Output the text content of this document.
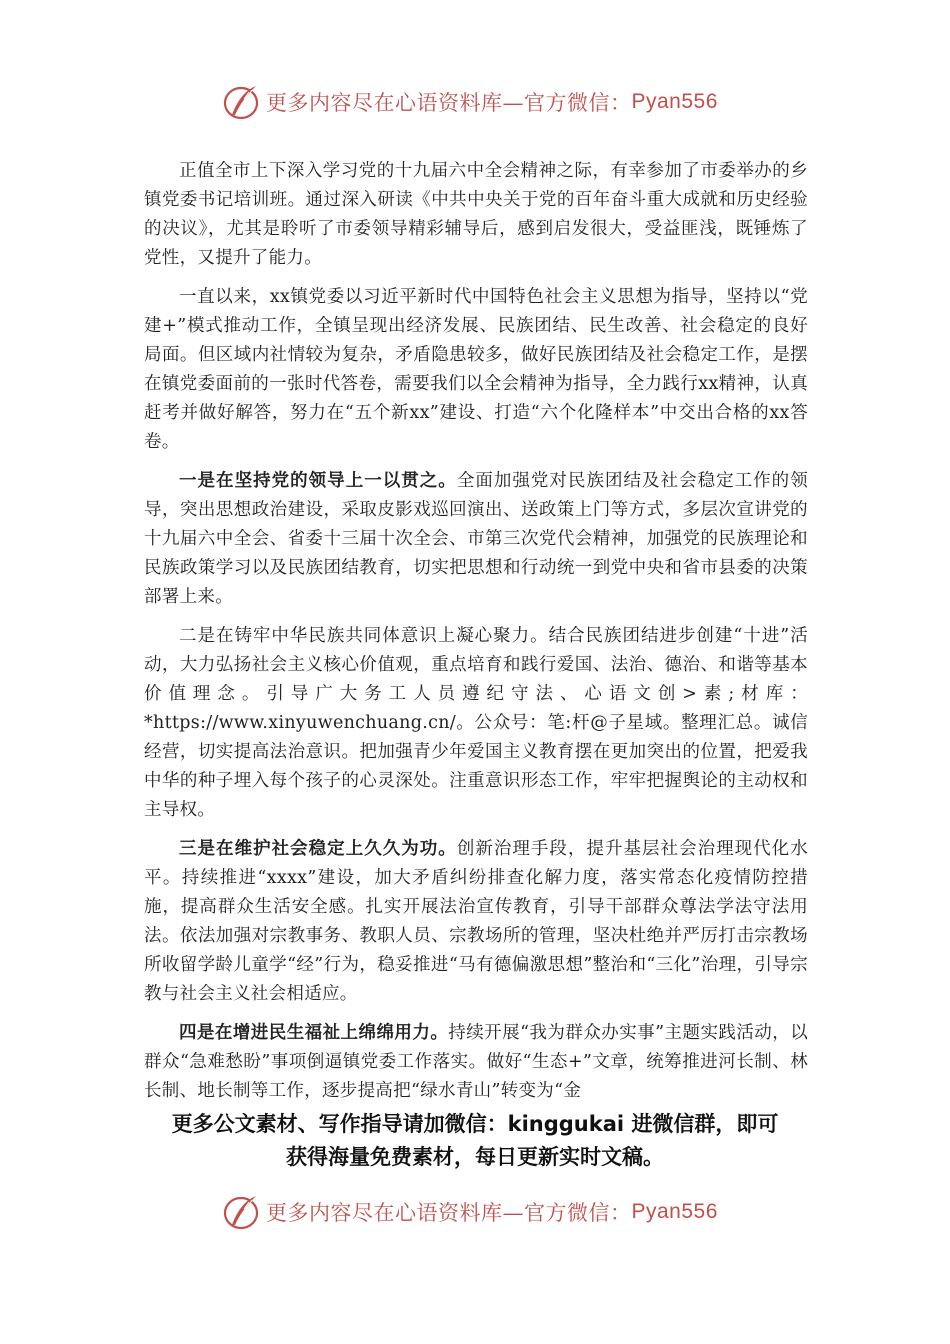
更多内容尽在心语资料库—官方微信： Pyan556

正值全市上下深入学习党的十九届六中全会精神之际，有幸参加了市委举办的乡镇党委书记培训班。通过深入研读《中共中央关于党的百年奋斗重大成就和历史经验的决议》，尤其是聆听了市委领导精彩辅导后，感到启发很大，受益匪浅，既锤炼了党性，又提升了能力。

一直以来，xx镇党委以习近平新时代中国特色社会主义思想为指导，坚持以“党建+”模式推动工作，全镇呈现出经济发展、民族团结、民生改善、社会稳定的良好局面。但区域内社情较为复杂，矛盾隐患较多，做好民族团结及社会稳定工作，是摆在镇党委面前的一张时代答卷，需要我们以全会精神为指导，全力践行xx精神，认真赶考并做好解答，努力在“五个新xx”建设、打造“六个化隆样本”中交出合格的xx答卷。

一是在坚持党的领导上一以贯之。全面加强党对民族团结及社会稳定工作的领导，突出思想政治建设，采取皮影戏巡回演出、送政策上门等方式，多层次宣讲党的十九届六中全会、省委十三届十次全会、市第三次党代会精神，加强党的民族理论和民族政策学习以及民族团结教育，切实把思想和行动统一到党中央和省市县委的决策部署上来。

二是在铸牢中华民族共同体意识上凝心聚力。结合民族团结进步创建“十进”活动，大力弘扬社会主义核心价值观，重点培育和践行爱国、法治、德治、和谐等基本价值理念。引导广大务工人员遵纪守法、心语文创>素;材库：*https://www.xinyuwenchuang.cn/。公众号：笔:杆@子星域。整理汇总。诚信经营，切实提高法治意识。把加强青少年爱国主义教育摆在更加突出的位置，把爱我中华的种子埋入每个孩子的心灵深处。注重意识形态工作，牢牢把握舆论的主动权和主导权。

三是在维护社会稳定上久久为功。创新治理手段，提升基层社会治理现代化水平。持续推进“xxxx”建设，加大矛盾纠纷排查化解力度，落实常态化疫情防控措施，提高群众生活安全感。扎实开展法治宣传教育，引导干部群众尊法学法守法用法。依法加强对宗教事务、教职人员、宗教场所的管理，坚决杜绝并严厉打击宗教场所收留学龄儿童学“经”行为，稳妥推进“马有德偏激思想”整治和“三化”治理，引导宗教与社会主义社会相适应。

四是在增进民生福祉上绵绵用力。持续开展“我为群众办实事”主题实践活动，以群众“急难愁盼”事项倒逼镇党委工作落实。做好“生态+”文章，统筹推进河长制、林长制、地长制等工作，逐步提高把“绿水青山”转变为“金

更多公文素材、写作指导请加微信：kinggukai 进微信群，即可
获得海量免费素材，每日更新实时文稿。
更多内容尽在心语资料库—官方微信： Pyan556
